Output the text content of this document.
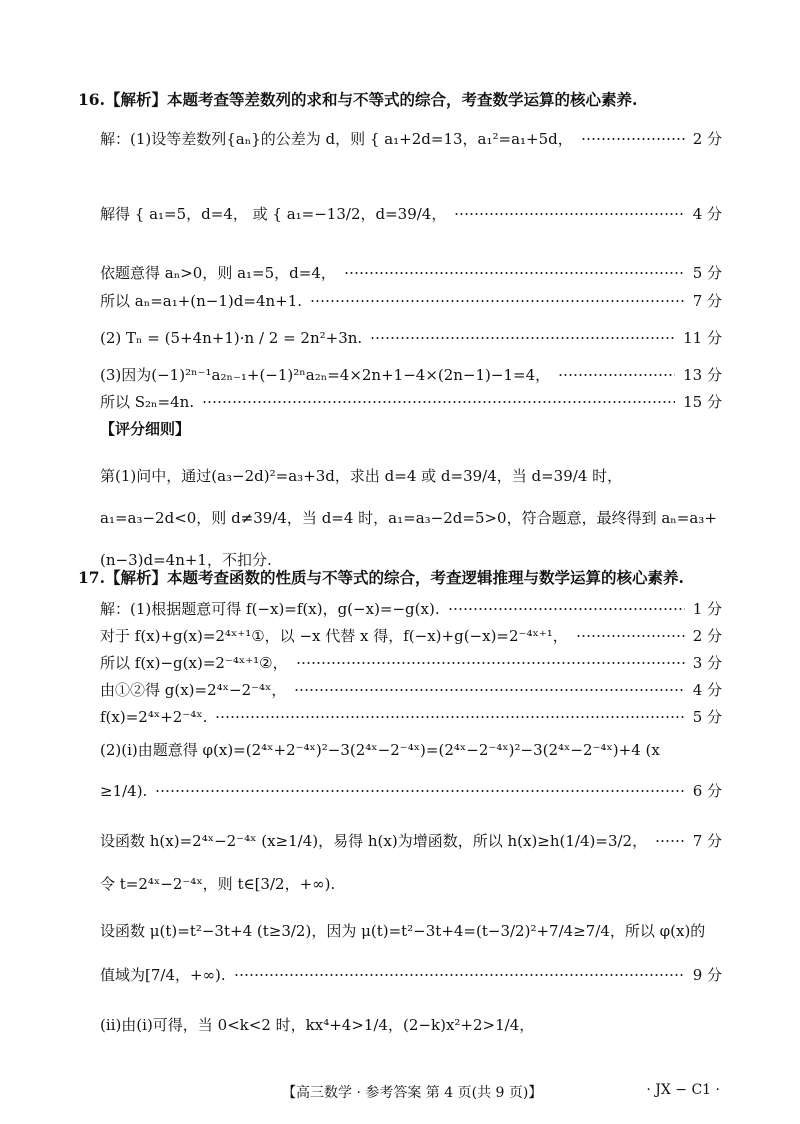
16.【解析】本题考查等差数列的求和与不等式的综合，考查数学运算的核心素养.
解：(1)设等差数列{aₙ}的公差为 d，则 { a₁+2d=13，a₁²=a₁+5d，	2 分
解得 { a₁=5，d=4， 或 { a₁=−13/2，d=39/4，	4 分
依题意得 aₙ>0，则 a₁=5，d=4，	5 分
所以 aₙ=a₁+(n−1)d=4n+1.	7 分
(2) Tₙ = (5+4n+1)·n / 2 = 2n²+3n.	11 分
(3)因为(−1)²ⁿ⁻¹a₂ₙ₋₁+(−1)²ⁿa₂ₙ=4×2n+1−4×(2n−1)−1=4，	13 分
所以 S₂ₙ=4n.	15 分
【评分细则】
第(1)问中，通过(a₃−2d)²=a₃+3d，求出 d=4 或 d=39/4，当 d=39/4 时，a₁=a₃−2d<0，则 d≠39/4，当 d=4 时，a₁=a₃−2d=5>0，符合题意，最终得到 aₙ=a₃+(n−3)d=4n+1，不扣分.
17.【解析】本题考查函数的性质与不等式的综合，考查逻辑推理与数学运算的核心素养.
解：(1)根据题意可得 f(−x)=f(x)，g(−x)=−g(x).	1 分
对于 f(x)+g(x)=2⁴ˣ⁺¹①，以 −x 代替 x 得，f(−x)+g(−x)=2⁻⁴ˣ⁺¹，	2 分
所以 f(x)−g(x)=2⁻⁴ˣ⁺¹②，	3 分
由①②得 g(x)=2⁴ˣ−2⁻⁴ˣ，	4 分
f(x)=2⁴ˣ+2⁻⁴ˣ.	5 分
(2)(ⅰ)由题意得 φ(x)=(2⁴ˣ+2⁻⁴ˣ)²−3(2⁴ˣ−2⁻⁴ˣ)=(2⁴ˣ−2⁻⁴ˣ)²−3(2⁴ˣ−2⁻⁴ˣ)+4 (x
≥1/4).	6 分
设函数 h(x)=2⁴ˣ−2⁻⁴ˣ (x≥1/4)，易得 h(x)为增函数，所以 h(x)≥h(1/4)=3/2，	7 分
令 t=2⁴ˣ−2⁻⁴ˣ，则 t∈[3/2，+∞).
设函数 μ(t)=t²−3t+4 (t≥3/2)，因为 μ(t)=t²−3t+4=(t−3/2)²+7/4≥7/4，所以 φ(x)的
值域为[7/4，+∞).	9 分
(ⅱ)由(ⅰ)可得，当 0<k<2 时，kx⁴+4>1/4，(2−k)x²+2>1/4，
【高三数学 · 参考答案 第 4 页(共 9 页)】	· JX − C1 ·
